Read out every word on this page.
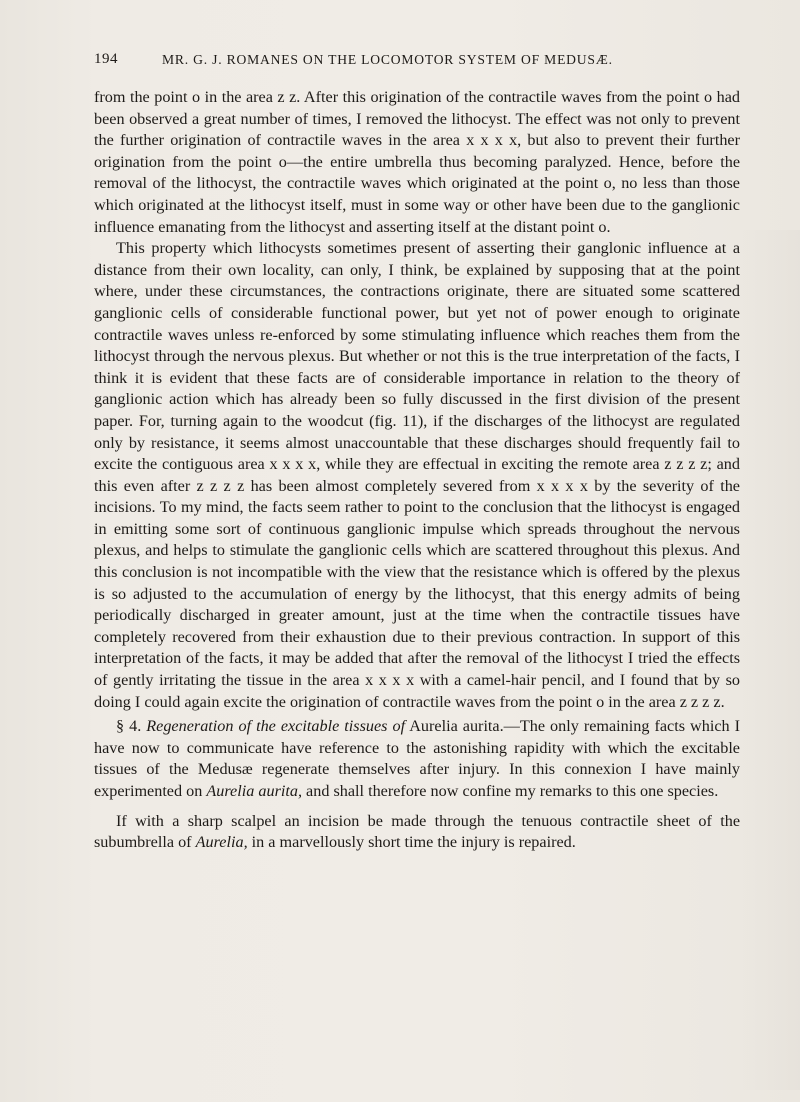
194	MR. G. J. ROMANES ON THE LOCOMOTOR SYSTEM OF MEDUSÆ.

from the point o in the area z z. After this origination of the contractile waves from the point o had been observed a great number of times, I removed the lithocyst. The effect was not only to prevent the further origination of contractile waves in the area x x x x, but also to prevent their further origination from the point o—the entire umbrella thus becoming paralyzed. Hence, before the removal of the lithocyst, the contractile waves which originated at the point o, no less than those which originated at the lithocyst itself, must in some way or other have been due to the ganglionic influence emanating from the lithocyst and asserting itself at the distant point o.

This property which lithocysts sometimes present of asserting their ganglonic influence at a distance from their own locality, can only, I think, be explained by supposing that at the point where, under these circumstances, the contractions originate, there are situated some scattered ganglionic cells of considerable functional power, but yet not of power enough to originate contractile waves unless re-enforced by some stimulating influence which reaches them from the lithocyst through the nervous plexus. But whether or not this is the true interpretation of the facts, I think it is evident that these facts are of considerable importance in relation to the theory of ganglionic action which has already been so fully discussed in the first division of the present paper. For, turning again to the woodcut (fig. 11), if the discharges of the lithocyst are regulated only by resistance, it seems almost unaccountable that these discharges should frequently fail to excite the contiguous area x x x x, while they are effectual in exciting the remote area z z z z; and this even after z z z z has been almost completely severed from x x x x by the severity of the incisions. To my mind, the facts seem rather to point to the conclusion that the lithocyst is engaged in emitting some sort of continuous ganglionic impulse which spreads throughout the nervous plexus, and helps to stimulate the ganglionic cells which are scattered throughout this plexus. And this conclusion is not incompatible with the view that the resistance which is offered by the plexus is so adjusted to the accumulation of energy by the lithocyst, that this energy admits of being periodically discharged in greater amount, just at the time when the contractile tissues have completely recovered from their exhaustion due to their previous contraction. In support of this interpretation of the facts, it may be added that after the removal of the lithocyst I tried the effects of gently irritating the tissue in the area x x x x with a camel-hair pencil, and I found that by so doing I could again excite the origination of contractile waves from the point o in the area z z z z.

§ 4. Regeneration of the excitable tissues of Aurelia aurita.—The only remaining facts which I have now to communicate have reference to the astonishing rapidity with which the excitable tissues of the Medusæ regenerate themselves after injury. In this connexion I have mainly experimented on Aurelia aurita, and shall therefore now confine my remarks to this one species.

If with a sharp scalpel an incision be made through the tenuous contractile sheet of the subumbrella of Aurelia, in a marvellously short time the injury is repaired.
